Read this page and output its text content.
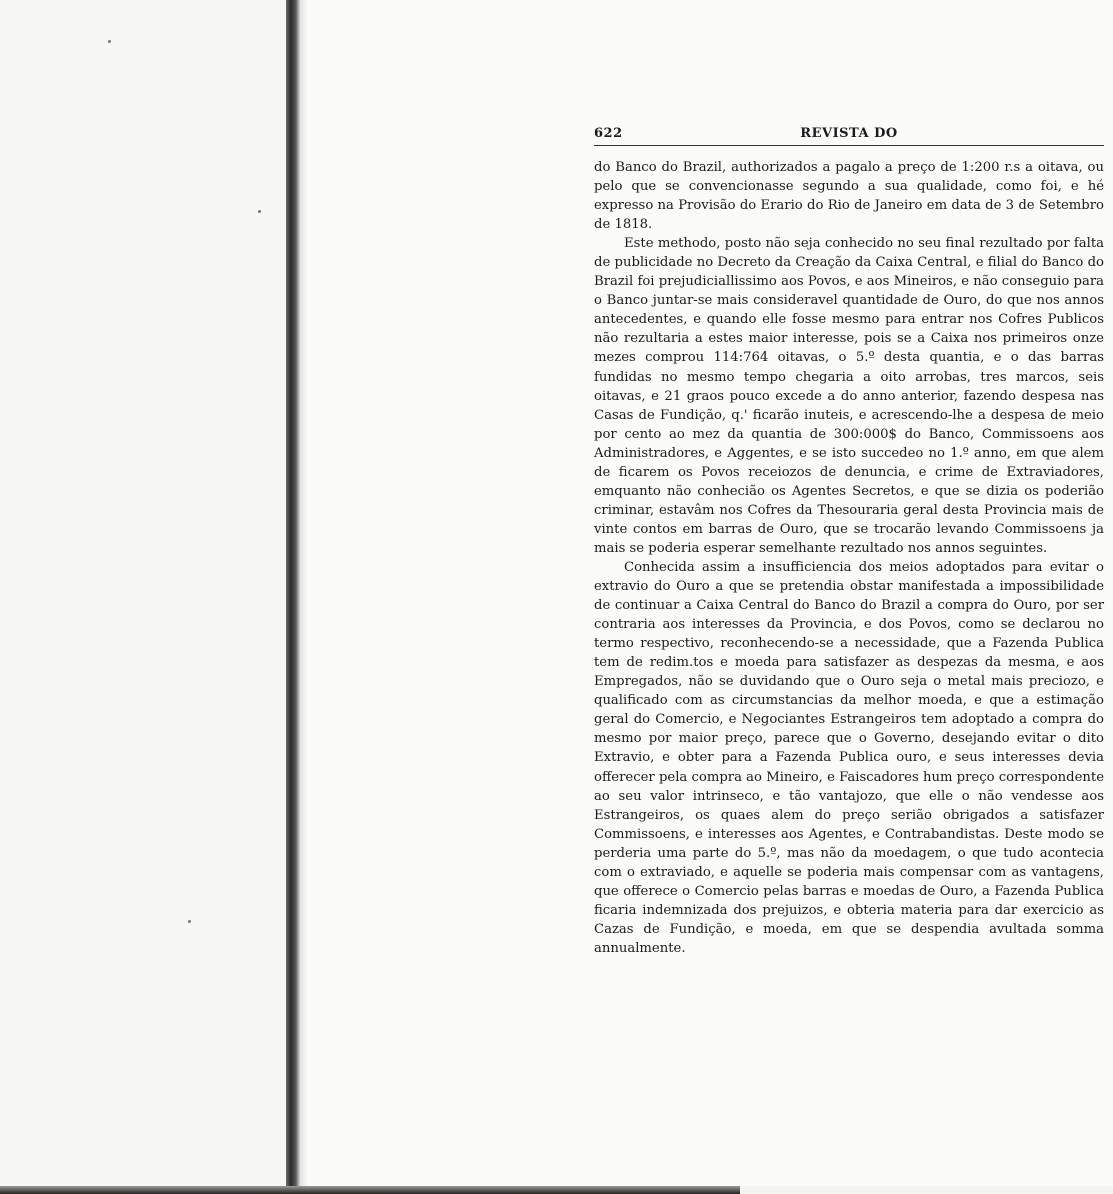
622	REVISTA DO

do Banco do Brazil, authorizados a pagalo a preço de 1:200 r.s a oitava, ou pelo que se convencionasse segundo a sua qualidade, como foi, e hé expresso na Provisão do Erario do Rio de Janeiro em data de 3 de Setembro de 1818.

Este methodo, posto não seja conhecido no seu final rezultado por falta de publicidade no Decreto da Creação da Caixa Central, e filial do Banco do Brazil foi prejudiciallissimo aos Povos, e aos Mineiros, e não conseguio para o Banco juntar-se mais consideravel quantidade de Ouro, do que nos annos antecedentes, e quando elle fosse mesmo para entrar nos Cofres Publicos não rezultaria a estes maior interesse, pois se a Caixa nos primeiros onze mezes comprou 114:764 oitavas, o 5.º desta quantia, e o das barras fundidas no mesmo tempo chegaria a oito arrobas, tres marcos, seis oitavas, e 21 graos pouco excede a do anno anterior, fazendo despesa nas Casas de Fundição, q.' ficarão inuteis, e acrescendo-lhe a despesa de meio por cento ao mez da quantia de 300:000$ do Banco, Commissoens aos Administradores, e Aggentes, e se isto succedeo no 1.º anno, em que alem de ficarem os Povos receiozos de denuncia, e crime de Extraviadores, emquanto não conhecião os Agentes Secretos, e que se dizia os poderião criminar, estavâm nos Cofres da Thesouraria geral desta Provincia mais de vinte contos em barras de Ouro, que se trocarão levando Commissoens ja mais se poderia esperar semelhante rezultado nos annos seguintes.

Conhecida assim a insufficiencia dos meios adoptados para evitar o extravio do Ouro a que se pretendia obstar manifestada a impossibilidade de continuar a Caixa Central do Banco do Brazil a compra do Ouro, por ser contraria aos interesses da Provincia, e dos Povos, como se declarou no termo respectivo, reconhecendo-se a necessidade, que a Fazenda Publica tem de redim.tos e moeda para satisfazer as despezas da mesma, e aos Empregados, não se duvidando que o Ouro seja o metal mais preciozo, e qualificado com as circumstancias da melhor moeda, e que a estimação geral do Comercio, e Negociantes Estrangeiros tem adoptado a compra do mesmo por maior preço, parece que o Governo, desejando evitar o dito Extravio, e obter para a Fazenda Publica ouro, e seus interesses devia offerecer pela compra ao Mineiro, e Faiscadores hum preço correspondente ao seu valor intrinseco, e tão vantajozo, que elle o não vendesse aos Estrangeiros, os quaes alem do preço serião obrigados a satisfazer Commissoens, e interesses aos Agentes, e Contrabandistas. Deste modo se perderia uma parte do 5.º, mas não da moedagem, o que tudo acontecia com o extraviado, e aquelle se poderia mais compensar com as vantagens, que offerece o Comercio pelas barras e moedas de Ouro, a Fazenda Publica ficaria indemnizada dos prejuizos, e obteria materia para dar exercicio as Cazas de Fundição, e moeda, em que se despendia avultada somma annualmente.
